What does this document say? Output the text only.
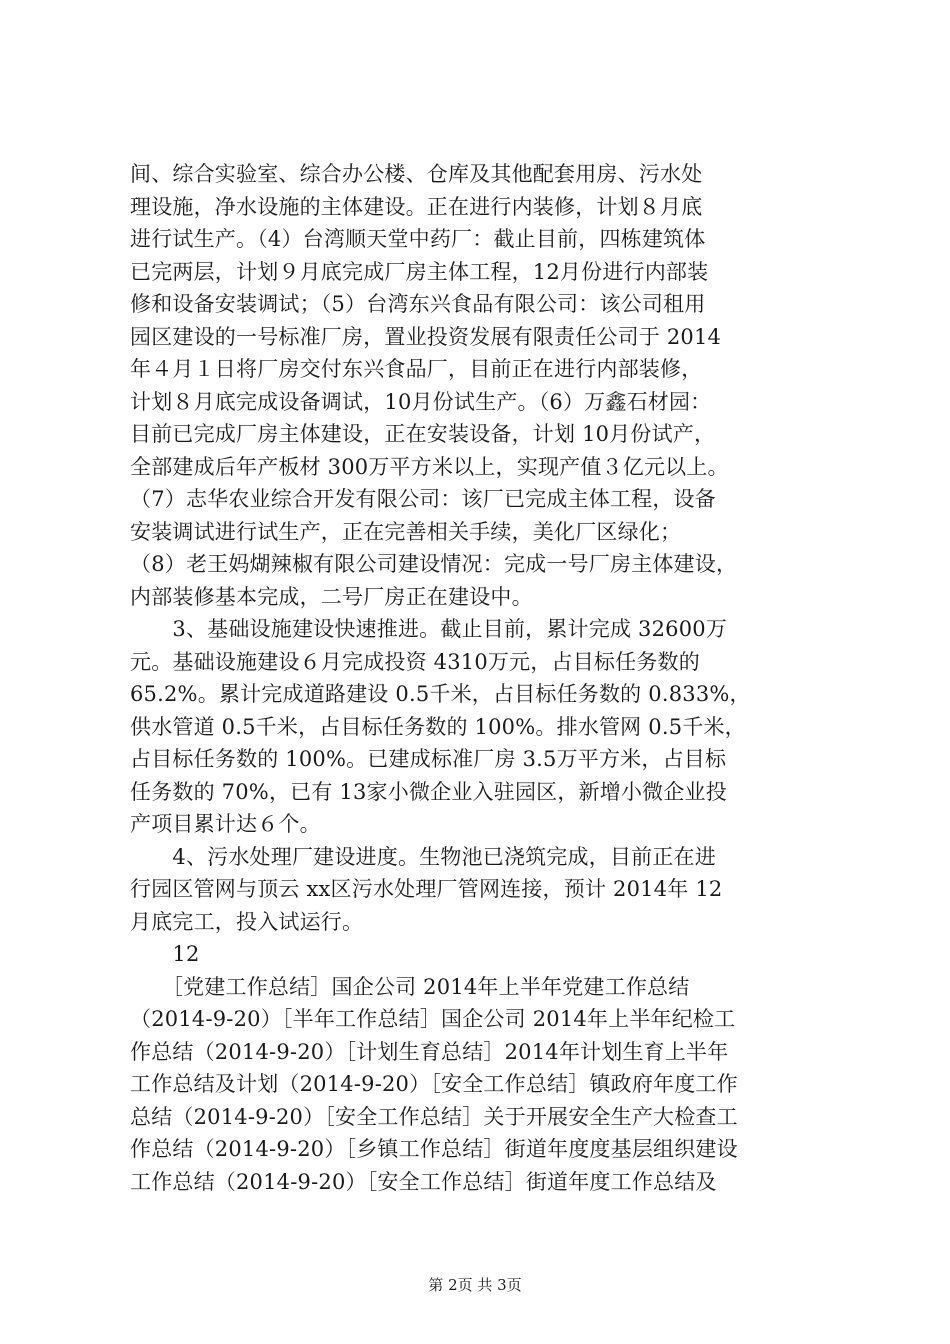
间、综合实验室、综合办公楼、仓库及其他配套用房、污水处
理设施，净水设施的主体建设。正在进行内装修，计划８月底
进行试生产。（4）台湾顺天堂中药厂：截止目前，四栋建筑体
已完两层，计划９月底完成厂房主体工程，12月份进行内部装
修和设备安装调试；（5）台湾东兴食品有限公司：该公司租用
园区建设的一号标准厂房，置业投资发展有限责任公司于 2014
年４月１日将厂房交付东兴食品厂，目前正在进行内部装修，
计划８月底完成设备调试，10月份试生产。（6）万鑫石材园：
目前已完成厂房主体建设，正在安装设备，计划 10月份试产，
全部建成后年产板材 300万平方米以上，实现产值３亿元以上。
（7）志华农业综合开发有限公司：该厂已完成主体工程，设备
安装调试进行试生产，正在完善相关手续，美化厂区绿化；
（8）老王妈煳辣椒有限公司建设情况：完成一号厂房主体建设，
内部装修基本完成，二号厂房正在建设中。
　　3、基础设施建设快速推进。截止目前，累计完成 32600万
元。基础设施建设６月完成投资 4310万元，占目标任务数的
65.2%。累计完成道路建设 0.5千米，占目标任务数的 0.833%，
供水管道 0.5千米，占目标任务数的 100%。排水管网 0.5千米，
占目标任务数的 100%。已建成标准厂房 3.5万平方米，占目标
任务数的 70%，已有 13家小微企业入驻园区，新增小微企业投
产项目累计达６个。
　　4、污水处理厂建设进度。生物池已浇筑完成，目前正在进
行园区管网与顶云 xx区污水处理厂管网连接，预计 2014年 12
月底完工，投入试运行。
　　12
　　［党建工作总结］国企公司 2014年上半年党建工作总结
（2014-9-20）［半年工作总结］国企公司 2014年上半年纪检工
作总结（2014-9-20）［计划生育总结］2014年计划生育上半年
工作总结及计划（2014-9-20）［安全工作总结］镇政府年度工作
总结（2014-9-20）［安全工作总结］关于开展安全生产大检查工
作总结（2014-9-20）［乡镇工作总结］街道年度度基层组织建设
工作总结（2014-9-20）［安全工作总结］街道年度工作总结及
第 2页 共 3页
